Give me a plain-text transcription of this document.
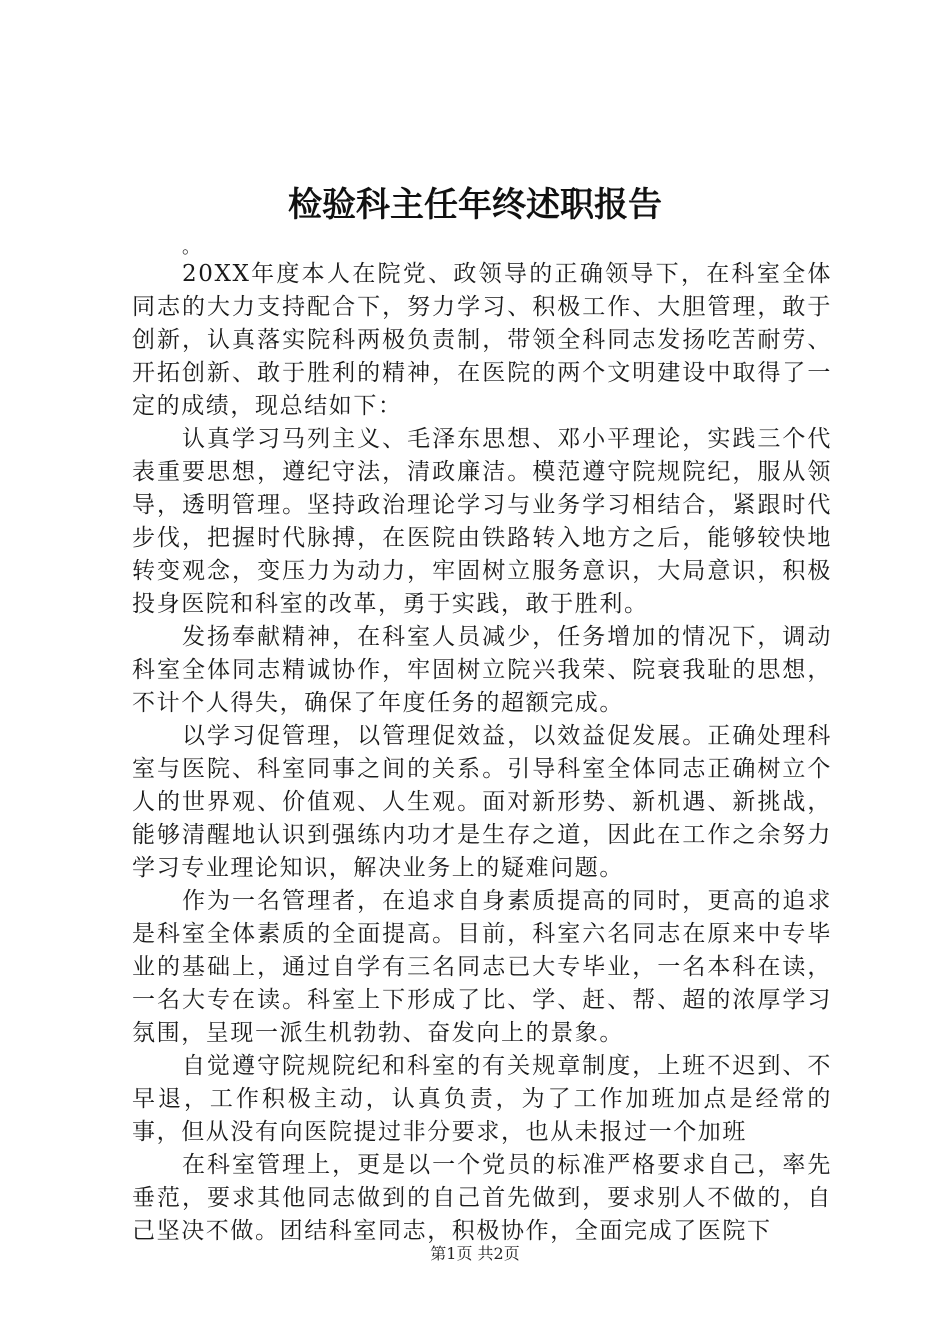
检验科主任年终述职报告

。

20XX年度本人在院党、政领导的正确领导下，在科室全体同志的大力支持配合下，努力学习、积极工作、大胆管理，敢于创新，认真落实院科两极负责制，带领全科同志发扬吃苦耐劳、开拓创新、敢于胜利的精神，在医院的两个文明建设中取得了一定的成绩，现总结如下：

认真学习马列主义、毛泽东思想、邓小平理论，实践三个代表重要思想，遵纪守法，清政廉洁。模范遵守院规院纪，服从领导，透明管理。坚持政治理论学习与业务学习相结合，紧跟时代步伐，把握时代脉搏，在医院由铁路转入地方之后，能够较快地转变观念，变压力为动力，牢固树立服务意识，大局意识，积极投身医院和科室的改革，勇于实践，敢于胜利。

发扬奉献精神，在科室人员减少，任务增加的情况下，调动科室全体同志精诚协作，牢固树立院兴我荣、院衰我耻的思想，不计个人得失，确保了年度任务的超额完成。

以学习促管理，以管理促效益，以效益促发展。正确处理科室与医院、科室同事之间的关系。引导科室全体同志正确树立个人的世界观、价值观、人生观。面对新形势、新机遇、新挑战，能够清醒地认识到强练内功才是生存之道，因此在工作之余努力学习专业理论知识，解决业务上的疑难问题。

作为一名管理者，在追求自身素质提高的同时，更高的追求是科室全体素质的全面提高。目前，科室六名同志在原来中专毕业的基础上，通过自学有三名同志已大专毕业，一名本科在读，一名大专在读。科室上下形成了比、学、赶、帮、超的浓厚学习氛围，呈现一派生机勃勃、奋发向上的景象。

自觉遵守院规院纪和科室的有关规章制度，上班不迟到、不早退，工作积极主动，认真负责，为了工作加班加点是经常的事，但从没有向医院提过非分要求，也从未报过一个加班

在科室管理上，更是以一个党员的标准严格要求自己，率先垂范，要求其他同志做到的自己首先做到，要求别人不做的，自己坚决不做。团结科室同志，积极协作，全面完成了医院下

第1页 共2页
